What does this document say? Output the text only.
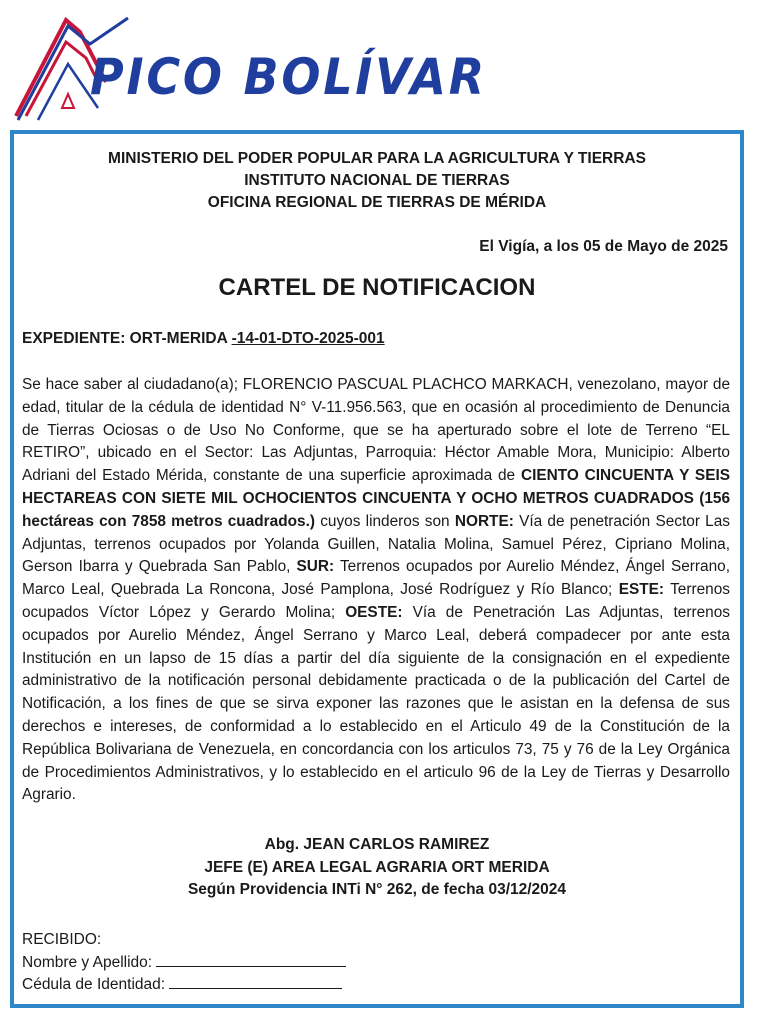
PICO BOLÍVAR
MINISTERIO DEL PODER POPULAR PARA LA AGRICULTURA Y TIERRAS
INSTITUTO NACIONAL DE TIERRAS
OFICINA REGIONAL DE TIERRAS DE MÉRIDA
El Vigía, a los 05 de Mayo de 2025
CARTEL DE NOTIFICACION
EXPEDIENTE: ORT-MERIDA -14-01-DTO-2025-001
Se hace saber al ciudadano(a); FLORENCIO PASCUAL PLACHCO MARKACH, venezolano, mayor de edad, titular de la cédula de identidad N° V-11.956.563, que en ocasión al procedimiento de Denuncia de Tierras Ociosas o de Uso No Conforme, que se ha aperturado sobre el lote de Terreno “EL RETIRO”, ubicado en el Sector: Las Adjuntas, Parroquia: Héctor Amable Mora, Municipio: Alberto Adriani del Estado Mérida, constante de una superficie aproximada de CIENTO CINCUENTA Y SEIS HECTAREAS CON SIETE MIL OCHOCIENTOS CINCUENTA Y OCHO METROS CUADRADOS (156 hectáreas con 7858 metros cuadrados.) cuyos linderos son NORTE: Vía de penetración Sector Las Adjuntas, terrenos ocupados por Yolanda Guillen, Natalia Molina, Samuel Pérez, Cipriano Molina, Gerson Ibarra y Quebrada San Pablo, SUR: Terrenos ocupados por Aurelio Méndez, Ángel Serrano, Marco Leal, Quebrada La Roncona, José Pamplona, José Rodríguez y Río Blanco; ESTE: Terrenos ocupados Víctor López y Gerardo Molina; OESTE: Vía de Penetración Las Adjuntas, terrenos ocupados por Aurelio Méndez, Ángel Serrano y Marco Leal, deberá compadecer por ante esta Institución en un lapso de 15 días a partir del día siguiente de la consignación en el expediente administrativo de la notificación personal debidamente practicada o de la publicación del Cartel de Notificación, a los fines de que se sirva exponer las razones que le asistan en la defensa de sus derechos e intereses, de conformidad a lo establecido en el Articulo 49 de la Constitución de la República Bolivariana de Venezuela, en concordancia con los articulos 73, 75 y 76 de la Ley Orgánica de Procedimientos Administrativos, y lo establecido en el articulo 96 de la Ley de Tierras y Desarrollo Agrario.
Abg. JEAN CARLOS RAMIREZ
JEFE (E) AREA LEGAL AGRARIA ORT MERIDA
Según Providencia INTi N° 262, de fecha 03/12/2024
RECIBIDO:
Nombre y Apellido:
Cédula de Identidad:
